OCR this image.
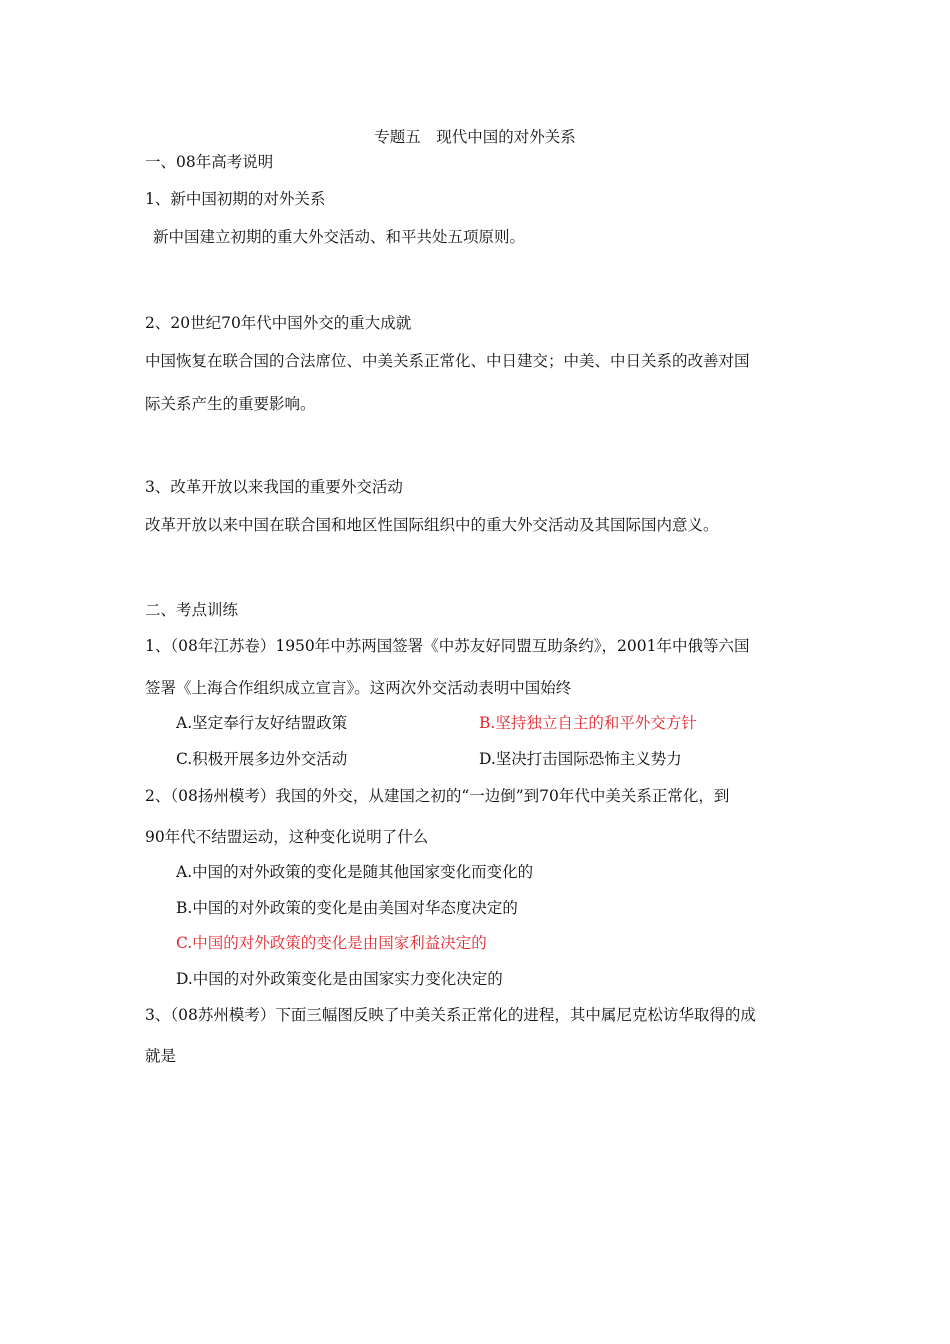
专题五　现代中国的对外关系
一、08年高考说明
1、新中国初期的对外关系
新中国建立初期的重大外交活动、和平共处五项原则。
2、20世纪70年代中国外交的重大成就
中国恢复在联合国的合法席位、中美关系正常化、中日建交；中美、中日关系的改善对国
际关系产生的重要影响。
3、改革开放以来我国的重要外交活动
改革开放以来中国在联合国和地区性国际组织中的重大外交活动及其国际国内意义。
二、考点训练
1、（08年江苏卷）1950年中苏两国签署《中苏友好同盟互助条约》，2001年中俄等六国
签署《上海合作组织成立宣言》。这两次外交活动表明中国始终
A.坚定奉行友好结盟政策	B.坚持独立自主的和平外交方针
C.积极开展多边外交活动	D.坚决打击国际恐怖主义势力
2、（08扬州模考）我国的外交，从建国之初的“一边倒”到70年代中美关系正常化，到
90年代不结盟运动，这种变化说明了什么
A.中国的对外政策的变化是随其他国家变化而变化的
B.中国的对外政策的变化是由美国对华态度决定的
C.中国的对外政策的变化是由国家利益决定的
D.中国的对外政策变化是由国家实力变化决定的
3、（08苏州模考）下面三幅图反映了中美关系正常化的进程，其中属尼克松访华取得的成
就是
